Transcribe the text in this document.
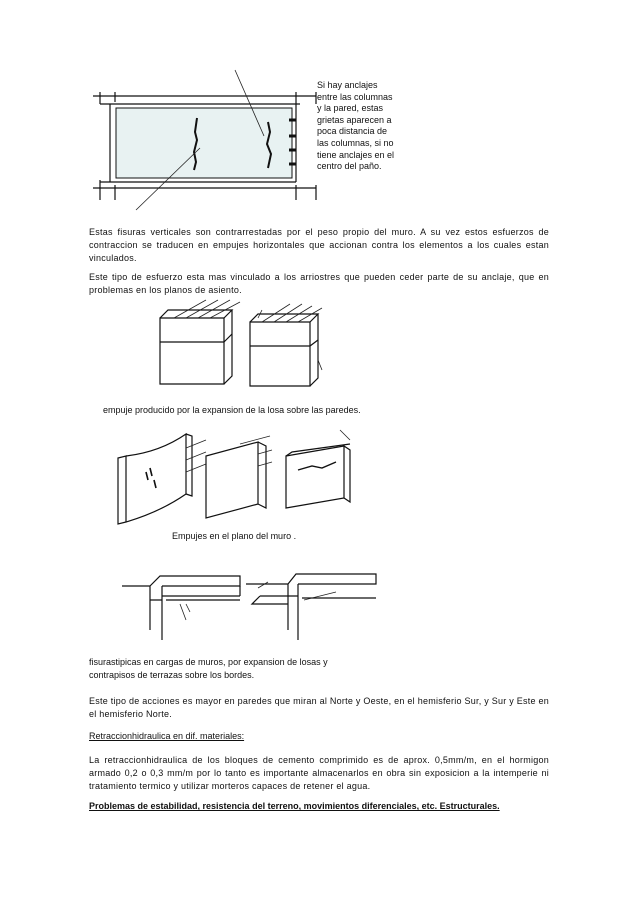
Si hay anclajes entre las columnas y la pared, estas grietas aparecen a poca distancia de las columnas, si no tiene anclajes en el centro del paño.
Estas fisuras verticales son contrarrestadas por el peso propio del muro. A su vez estos esfuerzos de contraccion se traducen en empujes horizontales que accionan contra los elementos a los cuales estan vinculados.
Este tipo de esfuerzo esta mas vinculado a los arriostres que pueden ceder parte de su anclaje, que en problemas en los planos de asiento.
empuje producido por la expansion de la losa sobre las paredes.
Empujes en el plano del muro .
fisurastipicas en cargas de muros, por expansion de losas y
contrapisos de terrazas sobre los bordes.
Este tipo de acciones es mayor en paredes que miran al Norte y Oeste, en el hemisferio Sur, y Sur y Este en el hemisferio Norte.
Retraccionhidraulica en dif. materiales:
La retraccionhidraulica de los bloques de cemento comprimido es de aprox. 0,5mm/m, en el hormigon armado 0,2 o 0,3 mm/m por lo tanto es importante almacenarlos en obra sin exposicion a la intemperie ni tratamiento termico y utilizar morteros capaces de retener el agua.
Problemas de estabilidad, resistencia del terreno, movimientos diferenciales, etc. Estructurales.
